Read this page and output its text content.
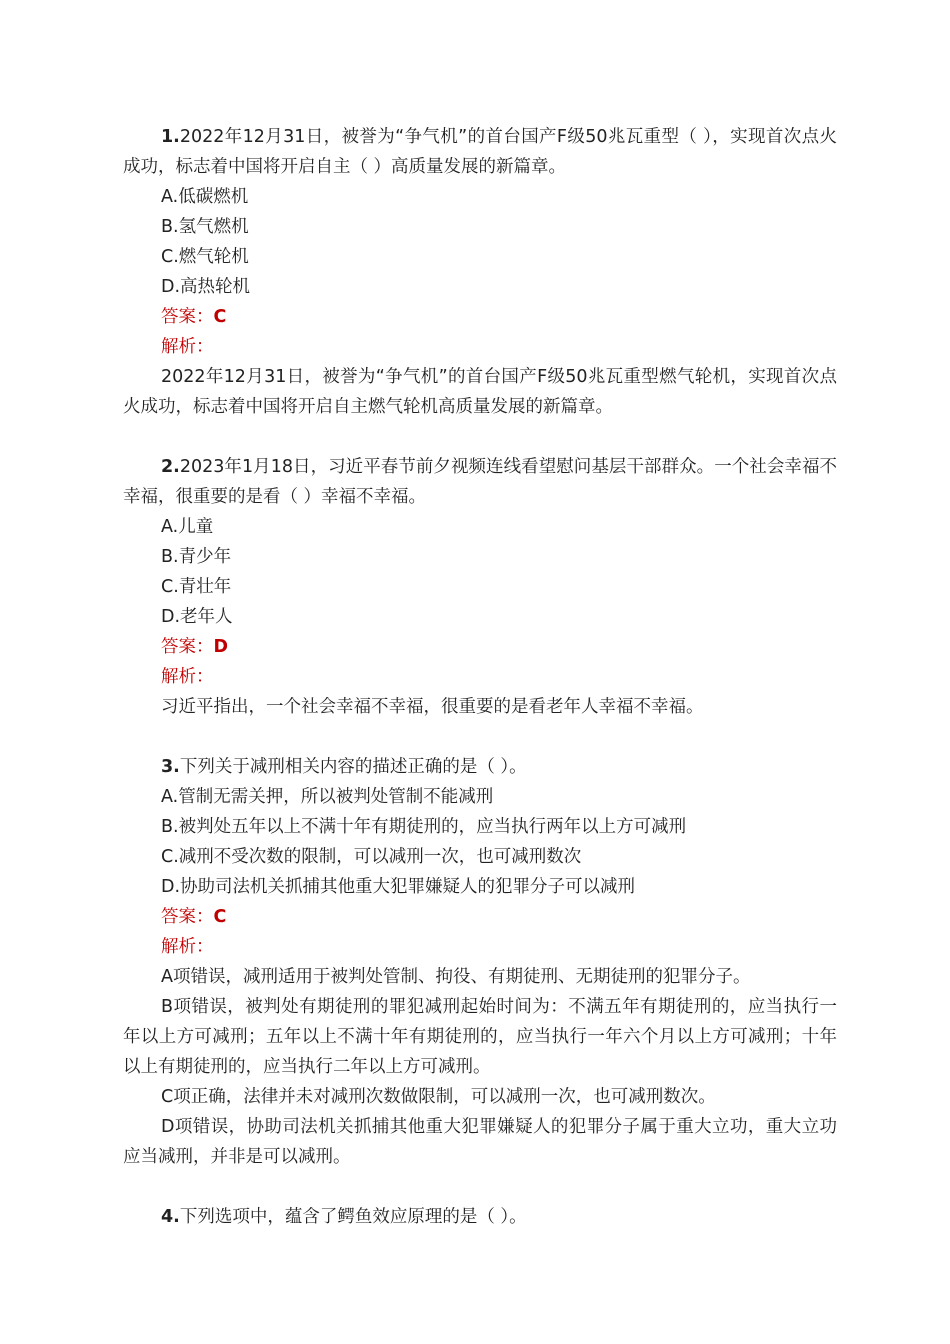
1.2022年12月31日，被誉为“争气机”的首台国产F级50兆瓦重型（ ），实现首次点火成功，标志着中国将开启自主（ ）高质量发展的新篇章。

A.低碳燃机

B.氢气燃机

C.燃气轮机

D.高热轮机

答案：C

解析：

2022年12月31日，被誉为“争气机”的首台国产F级50兆瓦重型燃气轮机，实现首次点火成功，标志着中国将开启自主燃气轮机高质量发展的新篇章。

2.2023年1月18日，习近平春节前夕视频连线看望慰问基层干部群众。一个社会幸福不幸福，很重要的是看（ ）幸福不幸福。

A.儿童

B.青少年

C.青壮年

D.老年人

答案：D

解析：

习近平指出，一个社会幸福不幸福，很重要的是看老年人幸福不幸福。

3.下列关于减刑相关内容的描述正确的是（ ）。

A.管制无需关押，所以被判处管制不能减刑

B.被判处五年以上不满十年有期徒刑的，应当执行两年以上方可减刑

C.减刑不受次数的限制，可以减刑一次，也可减刑数次

D.协助司法机关抓捕其他重大犯罪嫌疑人的犯罪分子可以减刑

答案：C

解析：

A项错误，减刑适用于被判处管制、拘役、有期徒刑、无期徒刑的犯罪分子。

B项错误，被判处有期徒刑的罪犯减刑起始时间为：不满五年有期徒刑的，应当执行一年以上方可减刑；五年以上不满十年有期徒刑的，应当执行一年六个月以上方可减刑；十年以上有期徒刑的，应当执行二年以上方可减刑。

C项正确，法律并未对减刑次数做限制，可以减刑一次，也可减刑数次。

D项错误，协助司法机关抓捕其他重大犯罪嫌疑人的犯罪分子属于重大立功，重大立功应当减刑，并非是可以减刑。

4.下列选项中，蕴含了鳄鱼效应原理的是（ ）。
